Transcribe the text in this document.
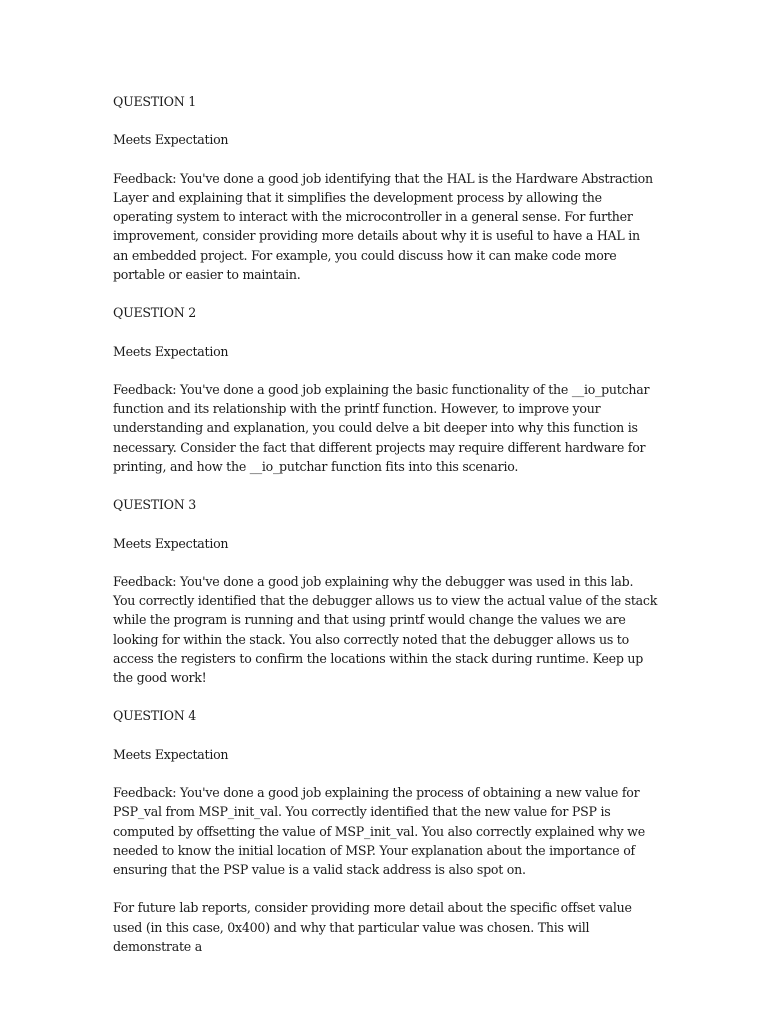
QUESTION 1

Meets Expectation

Feedback: You've done a good job identifying that the HAL is the Hardware Abstraction Layer and explaining that it simplifies the development process by allowing the operating system to interact with the microcontroller in a general sense. For further improvement, consider providing more details about why it is useful to have a HAL in an embedded project. For example, you could discuss how it can make code more portable or easier to maintain.

QUESTION 2

Meets Expectation

Feedback: You've done a good job explaining the basic functionality of the __io_putchar function and its relationship with the printf function. However, to improve your understanding and explanation, you could delve a bit deeper into why this function is necessary. Consider the fact that different projects may require different hardware for printing, and how the __io_putchar function fits into this scenario.

QUESTION 3

Meets Expectation

Feedback: You've done a good job explaining why the debugger was used in this lab. You correctly identified that the debugger allows us to view the actual value of the stack while the program is running and that using printf would change the values we are looking for within the stack. You also correctly noted that the debugger allows us to access the registers to confirm the locations within the stack during runtime. Keep up the good work!

QUESTION 4

Meets Expectation

Feedback: You've done a good job explaining the process of obtaining a new value for PSP_val from MSP_init_val. You correctly identified that the new value for PSP is computed by offsetting the value of MSP_init_val. You also correctly explained why we needed to know the initial location of MSP. Your explanation about the importance of ensuring that the PSP value is a valid stack address is also spot on.

For future lab reports, consider providing more detail about the specific offset value used (in this case, 0x400) and why that particular value was chosen. This will demonstrate a
